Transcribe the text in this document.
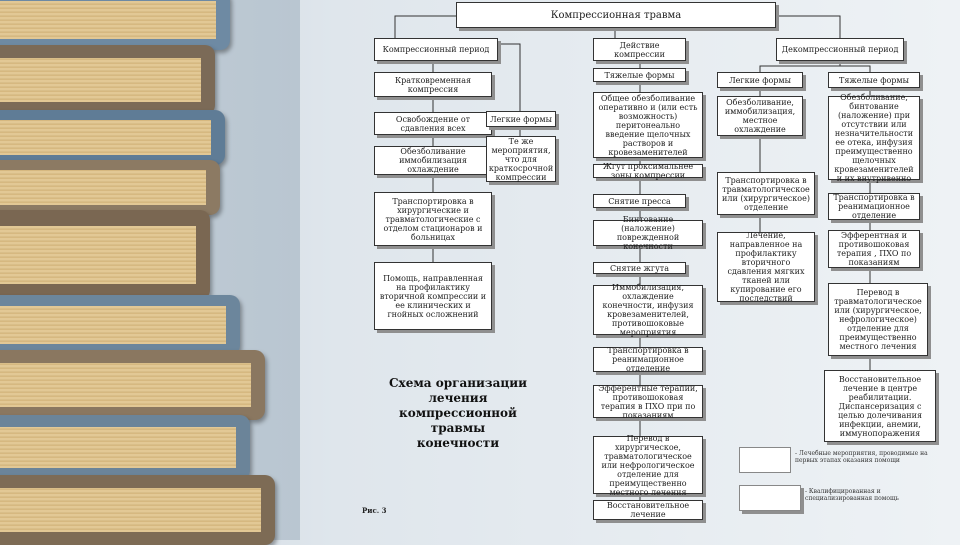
Компрессионная травма
Компрессионный период	Действие компрессии	Декомпрессионный период
Кратковременная компрессия
Освобождение от сдавления всех
Обезболивание иммобилизация охлаждение
Транспортировка в хирургические и травматологические с отделом стационаров и больницах
Помощь, направленная на профилактику вторичной компрессии и ее клинических и гнойных осложнений
Легкие формы
Те же мероприятия, что для краткосрочной компрессии
Тяжелые формы
Общее обезболивание оперативно и (или есть возможность) перитонеально введение щелочных растворов и кровезаменителей
Жгут проксимальнее зоны компрессии
Снятие пресса
Бинтование (наложение) поврежденной конечности
Снятие жгута
Иммобилизация, охлаждение конечности, инфузия кровезаменителей, противошоковые мероприятия
Транспортировка в реанимационное отделение
Эфферентные терапии, противошоковая терапия в ПХО при по показаниям
Перевод в хирургическое, травматологическое или нефрологическое отделение для преимущественно местного лечения
Восстановительное лечение
Легкие формы
Обезболивание, иммобилизация, местное охлаждение
Транспортировка в травматологическое или (хирургическое) отделение
Лечение, направленное на профилактику вторичного сдавления мягких тканей или купирование его последствий
Тяжелые формы
Обезболивание, бинтование (наложение) при отсутствии или незначительности ее отека, инфузия преимущественно щелочных кровезаменителей и их внутривенно
Транспортировка в реанимационное отделение
Эфферентная и противошоковая терапия , ПХО по показаниям
Перевод в травматологическое или (хирургическое, нефрологическое) отделение для преимущественно местного лечения
Восстановительное лечение в центре реабилитации. Диспансеризация с целью долечивания инфекции, анемии, иммунопоражения
- Лечебные мероприятия, проводимые на первых этапах оказания помощи
- Квалифицированная и специализированная помощь
Схема организации лечения компрессионной травмы конечности
Рис. 3
